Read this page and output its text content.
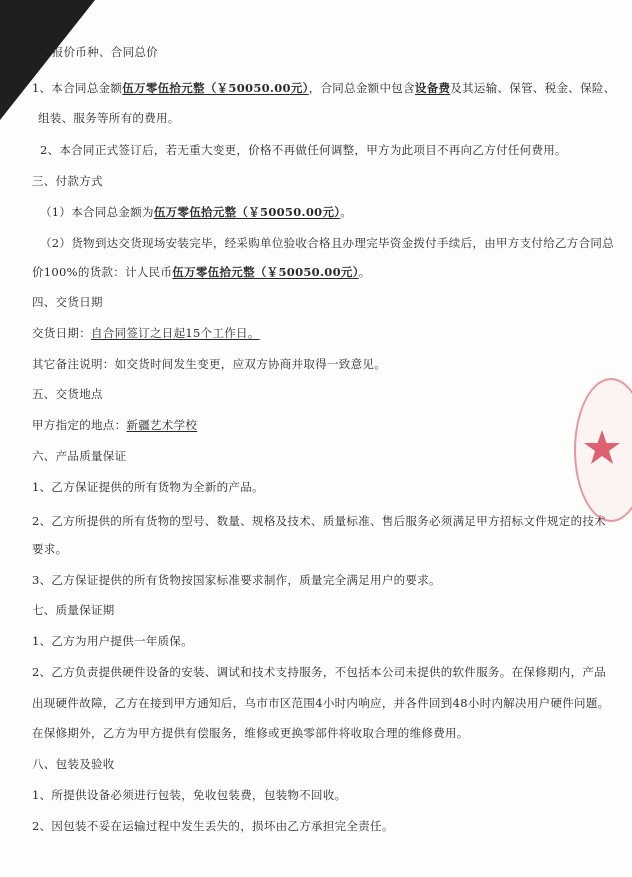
、报价币种、合同总价
1、本合同总金额伍万零伍拾元整（￥50050.00元），合同总金额中包含设备费及其运输、保管、税金、保险、
组装、服务等所有的费用。
2、本合同正式签订后，若无重大变更，价格不再做任何调整，甲方为此项目不再向乙方付任何费用。
三、付款方式
（1）本合同总金额为伍万零伍拾元整（￥50050.00元）。
（2）货物到达交货现场安装完毕，经采购单位验收合格且办理完毕资金拨付手续后，由甲方支付给乙方合同总
价100%的货款：计人民币伍万零伍拾元整（￥50050.00元）。
四、交货日期
交货日期：自合同签订之日起15个工作日。
其它备注说明：如交货时间发生变更，应双方协商并取得一致意见。
五、交货地点
甲方指定的地点：新疆艺术学校
六、产品质量保证
1、乙方保证提供的所有货物为全新的产品。
2、乙方所提供的所有货物的型号、数量、规格及技术、质量标准、售后服务必须满足甲方招标文件规定的技术
要求。
3、乙方保证提供的所有货物按国家标准要求制作，质量完全满足用户的要求。
七、质量保证期
1、乙方为用户提供一年质保。
2、乙方负责提供硬件设备的安装、调试和技术支持服务，不包括本公司未提供的软件服务。在保修期内，产品
出现硬件故障，乙方在接到甲方通知后，乌市市区范围4小时内响应，并各件回到48小时内解决用户硬件问题。
在保修期外，乙方为甲方提供有偿服务，维修或更换零部件将收取合理的维修费用。
八、包装及验收
1、所提供设备必须进行包装，免收包装费，包装物不回收。
2、因包装不妥在运输过程中发生丢失的，损坏由乙方承担完全责任。
